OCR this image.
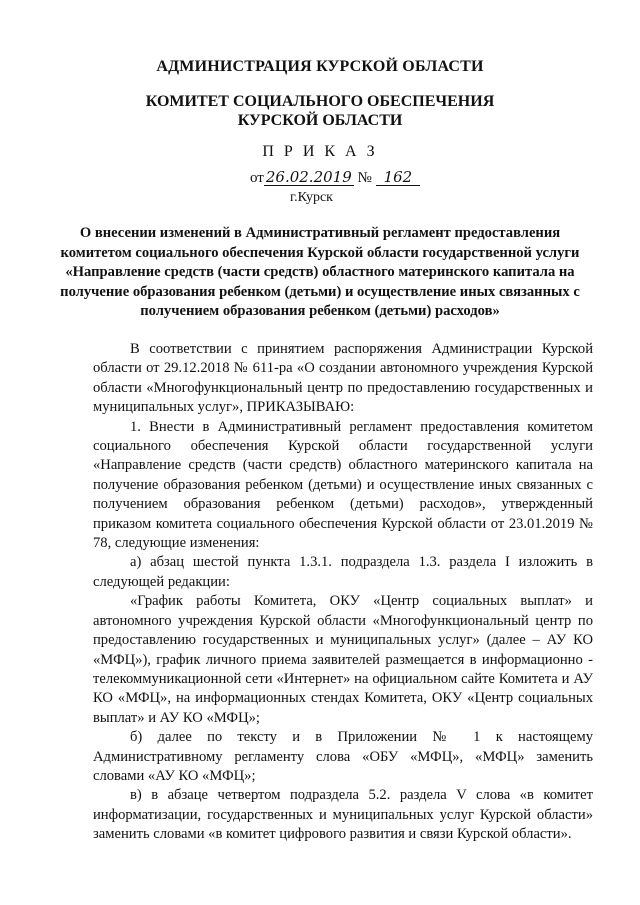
АДМИНИСТРАЦИЯ КУРСКОЙ ОБЛАСТИ
КОМИТЕТ СОЦИАЛЬНОГО ОБЕСПЕЧЕНИЯ
КУРСКОЙ ОБЛАСТИ
П Р И К А З
от 26.02.2019 № 162
г.Курск
О внесении изменений в Административный регламент предоставления комитетом социального обеспечения Курской области государственной услуги «Направление средств (части средств) областного материнского капитала на получение образования ребенком (детьми) и осуществление иных связанных с получением образования ребенком (детьми) расходов»

В соответствии с принятием распоряжения Администрации Курской области от 29.12.2018 № 611-ра «О создании автономного учреждения Курской области «Многофункциональный центр по предоставлению государственных и муниципальных услуг», ПРИКАЗЫВАЮ:

1. Внести в Административный регламент предоставления комитетом социального обеспечения Курской области государственной услуги «Направление средств (части средств) областного материнского капитала на получение образования ребенком (детьми) и осуществление иных связанных с получением образования ребенком (детьми) расходов», утвержденный приказом комитета социального обеспечения Курской области от 23.01.2019 № 78, следующие изменения:

а) абзац шестой пункта 1.3.1. подраздела 1.3. раздела I изложить в следующей редакции:

«График работы Комитета, ОКУ «Центр социальных выплат» и автономного учреждения Курской области «Многофункциональный центр по предоставлению государственных и муниципальных услуг» (далее – АУ КО «МФЦ»), график личного приема заявителей размещается в информационно - телекоммуникационной сети «Интернет» на официальном сайте Комитета и АУ КО «МФЦ», на информационных стендах Комитета, ОКУ «Центр социальных выплат» и АУ КО «МФЦ»;

б) далее по тексту и в Приложении № 1 к настоящему Административному регламенту слова «ОБУ «МФЦ», «МФЦ» заменить словами «АУ КО «МФЦ»;

в) в абзаце четвертом подраздела 5.2. раздела V слова «в комитет информатизации, государственных и муниципальных услуг Курской области» заменить словами «в комитет цифрового развития и связи Курской области».
